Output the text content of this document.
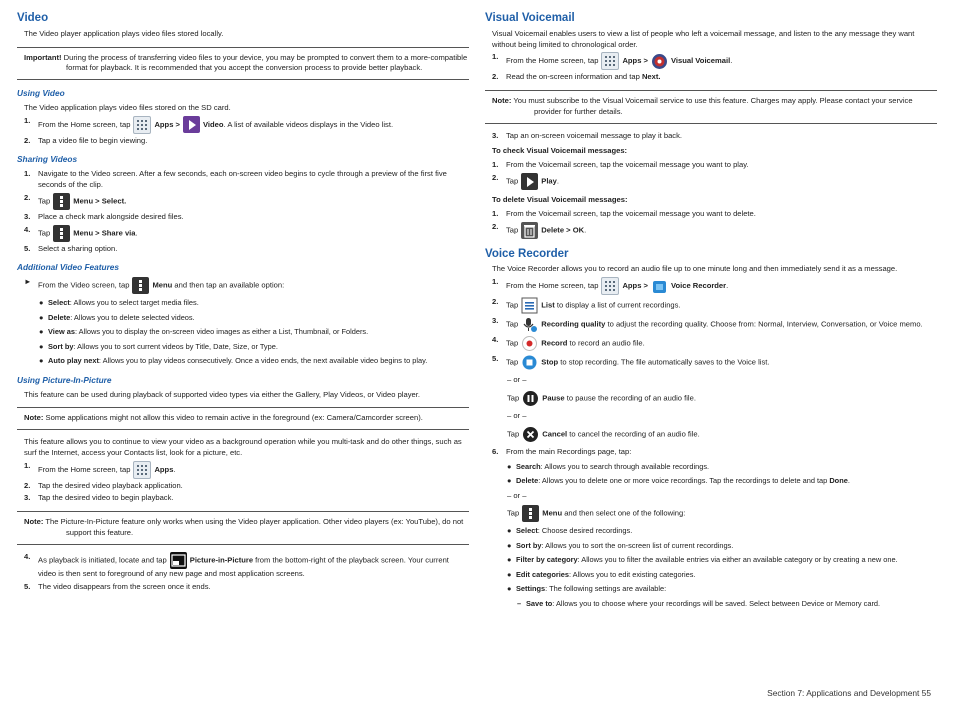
Video
The Video player application plays video files stored locally.
Important! During the process of transferring video files to your device, you may be prompted to convert them to a more-compatible format for playback. It is recommended that you accept the conversion process to provide better playback.
Using Video
The Video application plays video files stored on the SD card.
1.	From the Home screen, tap	Apps >	Video. A list of available videos displays in the Video list.
2.	Tap a video file to begin viewing.
Sharing Videos
1.	Navigate to the Video screen. After a few seconds, each on-screen video begins to cycle through a preview of the first five seconds of the clip.
2.	Tap	Menu > Select.
3.	Place a check mark alongside desired files.
4.	Tap	Menu > Share via.
5.	Select a sharing option.
Additional Video Features
► From the Video screen, tap	Menu and then tap an available option:
● Select: Allows you to select target media files.
● Delete: Allows you to delete selected videos.
● View as: Allows you to display the on-screen video images as either a List, Thumbnail, or Folders.
● Sort by: Allows you to sort current videos by Title, Date, Size, or Type.
● Auto play next: Allows you to play videos consecutively. Once a video ends, the next available video begins to play.
Using Picture-In-Picture
This feature can be used during playback of supported video types via either the Gallery, Play Videos, or Video player.
Note: Some applications might not allow this video to remain active in the foreground (ex: Camera/Camcorder screen).
This feature allows you to continue to view your video as a background operation while you multi-task and do other things, such as surf the Internet, access your Contacts list, look for a picture, etc.
1.	From the Home screen, tap	Apps.
2.	Tap the desired video playback application.
3.	Tap the desired video to begin playback.
Note: The Picture-In-Picture feature only works when using the Video player application. Other video players (ex: YouTube), do not support this feature.
4.	As playback is initiated, locate and tap	Picture-in-Picture from the bottom-right of the playback screen. Your current video is then sent to foreground of any new page and most application screens.
5.	The video disappears from the screen once it ends.
Visual Voicemail
Visual Voicemail enables users to view a list of people who left a voicemail message, and listen to the any message they want without being limited to chronological order.
1.	From the Home screen, tap	Apps >	Visual Voicemail.
2.	Read the on-screen information and tap Next.
Note: You must subscribe to the Visual Voicemail service to use this feature. Charges may apply. Please contact your service provider for further details.
3.	Tap an on-screen voicemail message to play it back.
To check Visual Voicemail messages:
1.	From the Voicemail screen, tap the voicemail message you want to play.
2.	Tap	Play.
To delete Visual Voicemail messages:
1.	From the Voicemail screen, tap the voicemail message you want to delete.
2.	Tap	Delete > OK.
Voice Recorder
The Voice Recorder allows you to record an audio file up to one minute long and then immediately send it as a message.
1.	From the Home screen, tap	Apps >	Voice Recorder.
2.	Tap	List to display a list of current recordings.
3.	Tap	Recording quality to adjust the recording quality. Choose from: Normal, Interview, Conversation, or Voice memo.
4.	Tap	Record to record an audio file.
5.	Tap	Stop to stop recording. The file automatically saves to the Voice list.
– or –
Tap	Pause to pause the recording of an audio file.
– or –
Tap	Cancel to cancel the recording of an audio file.
6.	From the main Recordings page, tap:
● Search: Allows you to search through available recordings.
● Delete: Allows you to delete one or more voice recordings. Tap the recordings to delete and tap Done.
– or –
Tap	Menu and then select one of the following:
● Select: Choose desired recordings.
● Sort by: Allows you to sort the on-screen list of current recordings.
● Filter by category: Allows you to filter the available entries via either an available category or by creating a new one.
● Edit categories: Allows you to edit existing categories.
● Settings: The following settings are available:
– Save to: Allows you to choose where your recordings will be saved. Select between Device or Memory card.
Section 7: Applications and Development 55
